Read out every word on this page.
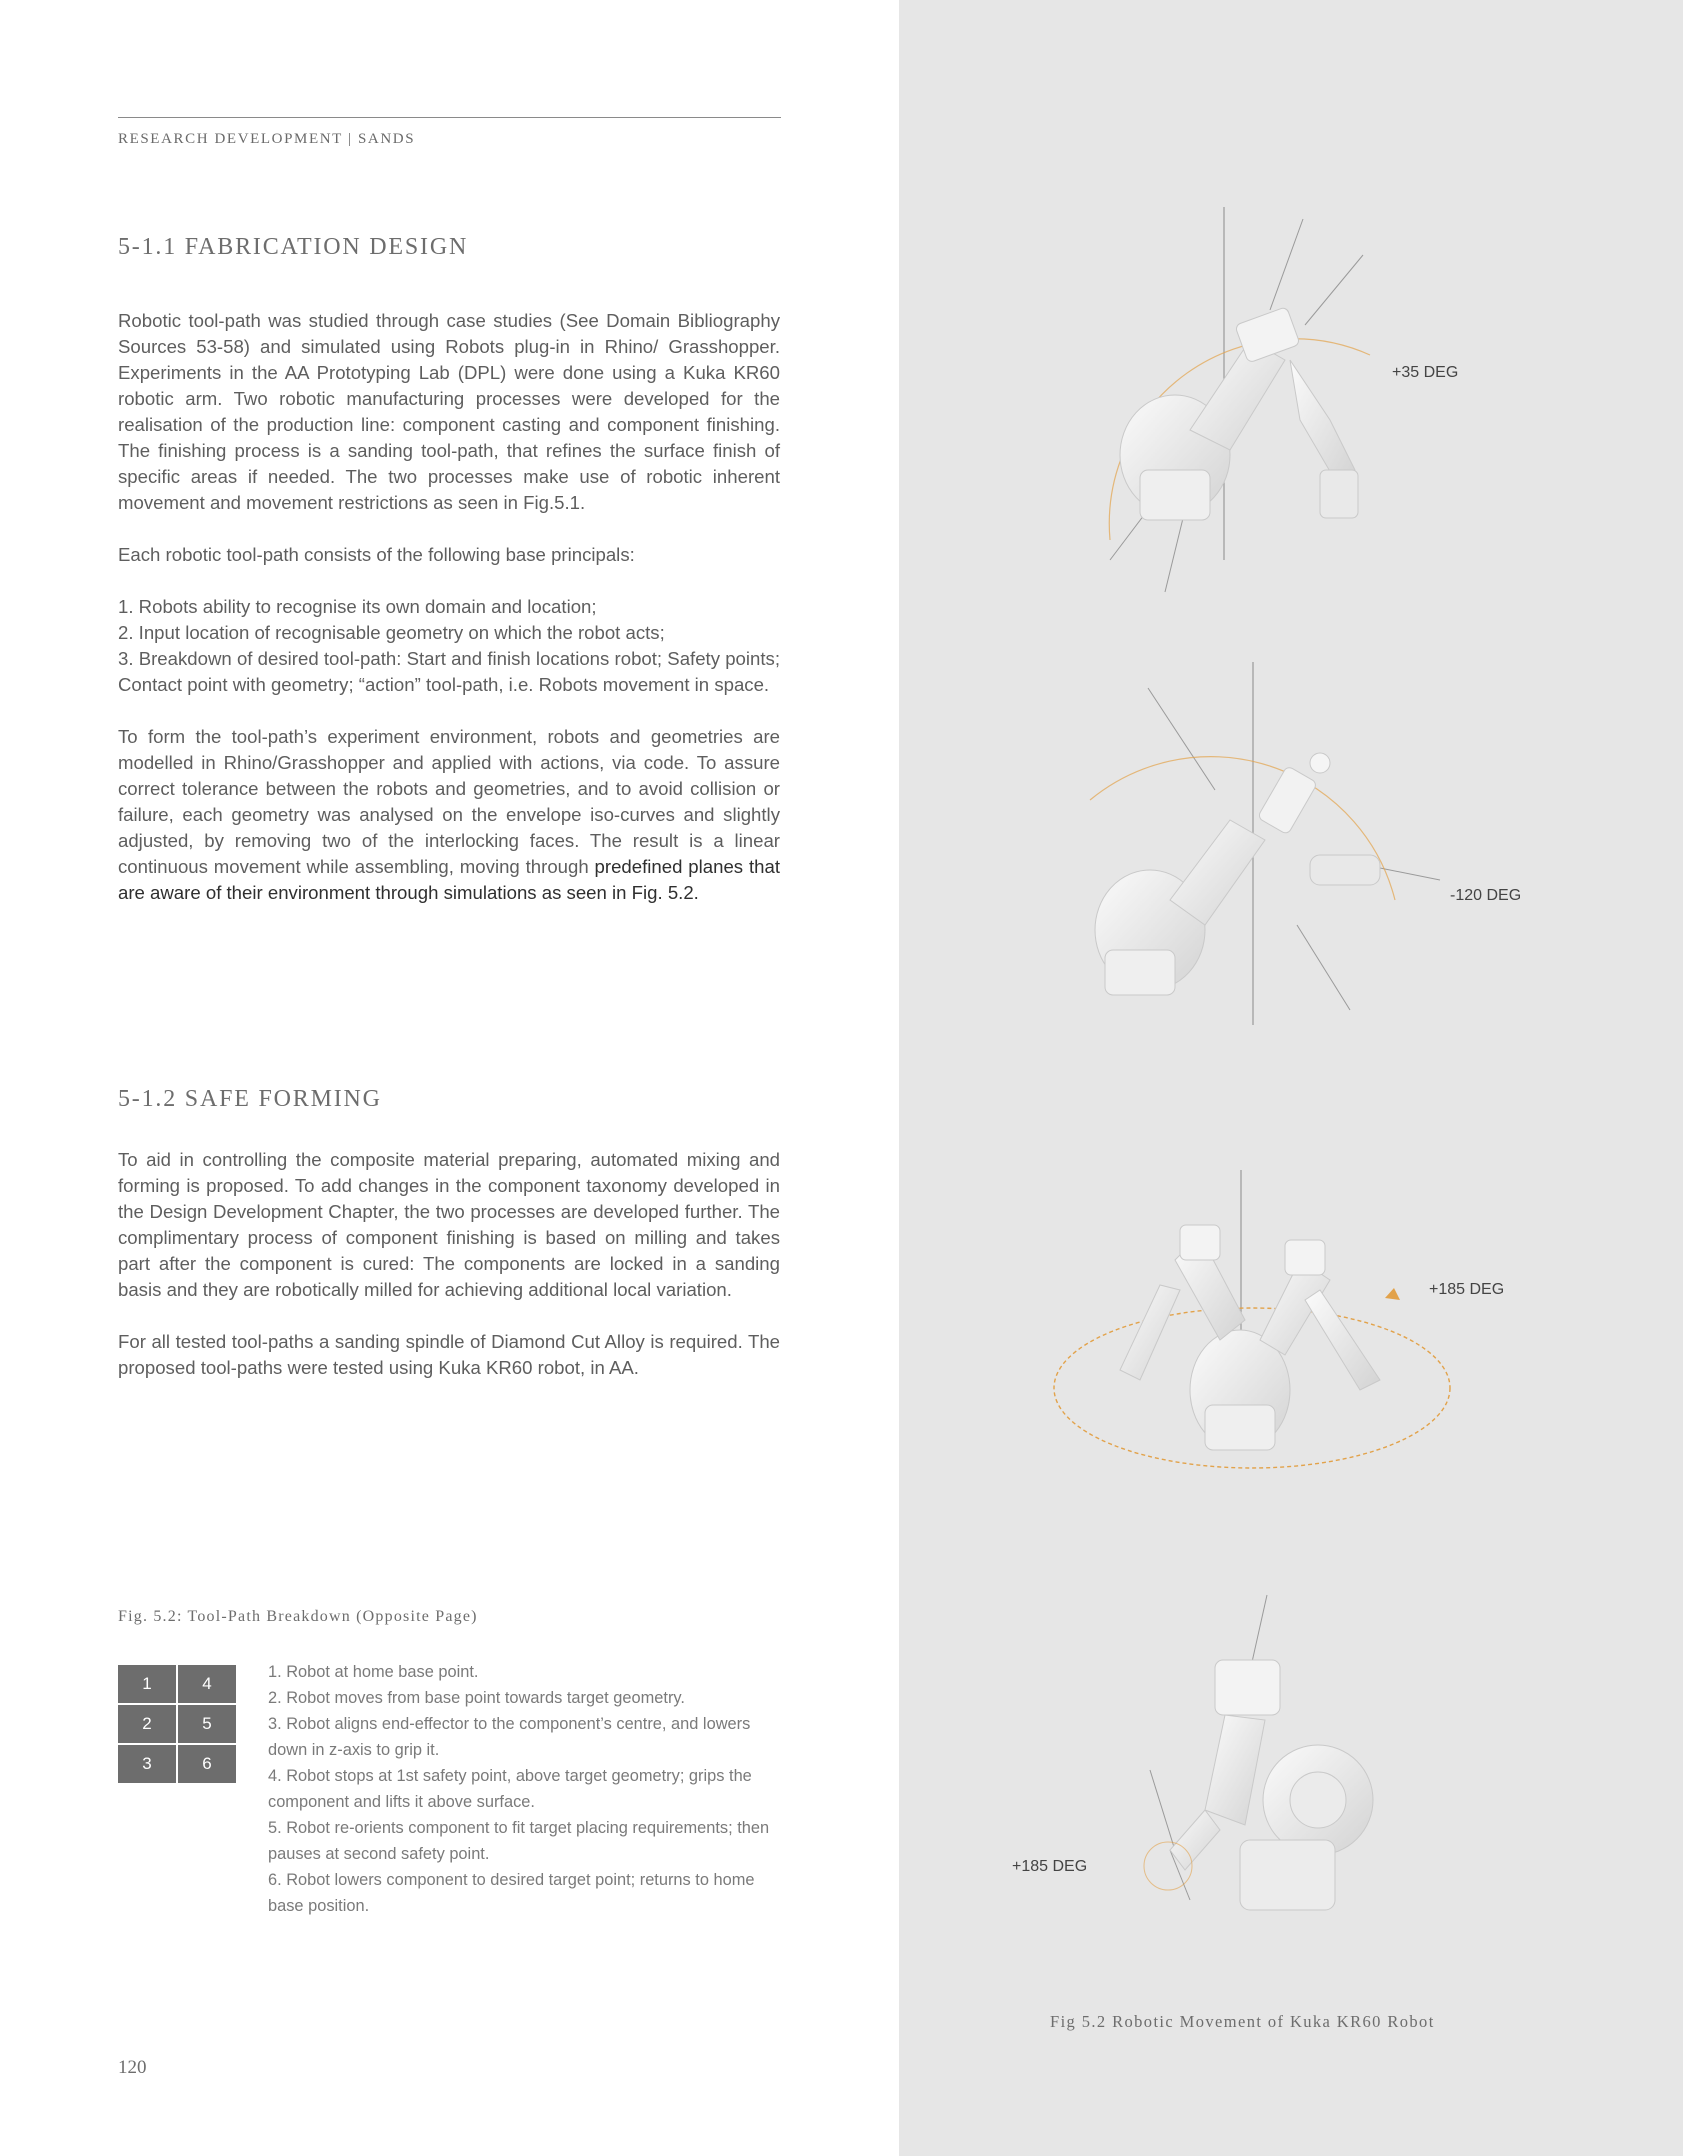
RESEARCH DEVELOPMENT | SANDS
5-1.1 FABRICATION DESIGN

Robotic tool-path was studied through case studies (See Domain Bibliography Sources 53-58) and simulated using Robots plug-in in Rhino/ Grasshopper. Experiments in the AA Prototyping Lab (DPL) were done using a Kuka KR60 robotic arm. Two robotic manufacturing processes were developed for the realisation of the production line: component casting and component finishing. The finishing process is a sanding tool-path, that refines the surface finish of specific areas if needed. The two processes make use of robotic inherent movement and movement restrictions as seen in Fig.5.1.

Each robotic tool-path consists of the following base principals:

1. Robots ability to recognise its own domain and location;

2. Input location of recognisable geometry on which the robot acts;

3. Breakdown of desired tool-path: Start and finish locations robot; Safety points; Contact point with geometry; “action” tool-path, i.e. Robots movement in space.

To form the tool-path’s experiment environment, robots and geometries are modelled in Rhino/Grasshopper and applied with actions, via code. To assure correct tolerance between the robots and geometries, and to avoid collision or failure, each geometry was analysed on the envelope iso-curves and slightly adjusted, by removing two of the interlocking faces. The result is a linear continuous movement while assembling, moving through predefined planes that are aware of their environment through simulations as seen in Fig. 5.2.

5-1.2 SAFE FORMING

To aid in controlling the composite material preparing, automated mixing and forming is proposed. To add changes in the component taxonomy developed in the Design Development Chapter, the two processes are developed further. The complimentary process of component finishing is based on milling and takes part after the component is cured: The components are locked in a sanding basis and they are robotically milled for achieving additional local variation.

For all tested tool-paths a sanding spindle of Diamond Cut Alloy is required. The proposed tool-paths were tested using Kuka KR60 robot, in AA.

Fig. 5.2: Tool-Path Breakdown (Opposite Page)
1	4
2	5
3	6
1. Robot at home base point.
2. Robot moves from base point towards target geometry.
3. Robot aligns end-effector to the component’s centre, and lowers down in z-axis to grip it.
4. Robot stops at 1st safety point, above target geometry; grips the component and lifts it above surface.
5. Robot re-orients component to fit target placing requirements; then pauses at second safety point.
6. Robot lowers component to desired target point; returns to home base position.
120
+35 DEG
-120 DEG
+185 DEG
+185 DEG
Fig 5.2 Robotic Movement of Kuka KR60 Robot
